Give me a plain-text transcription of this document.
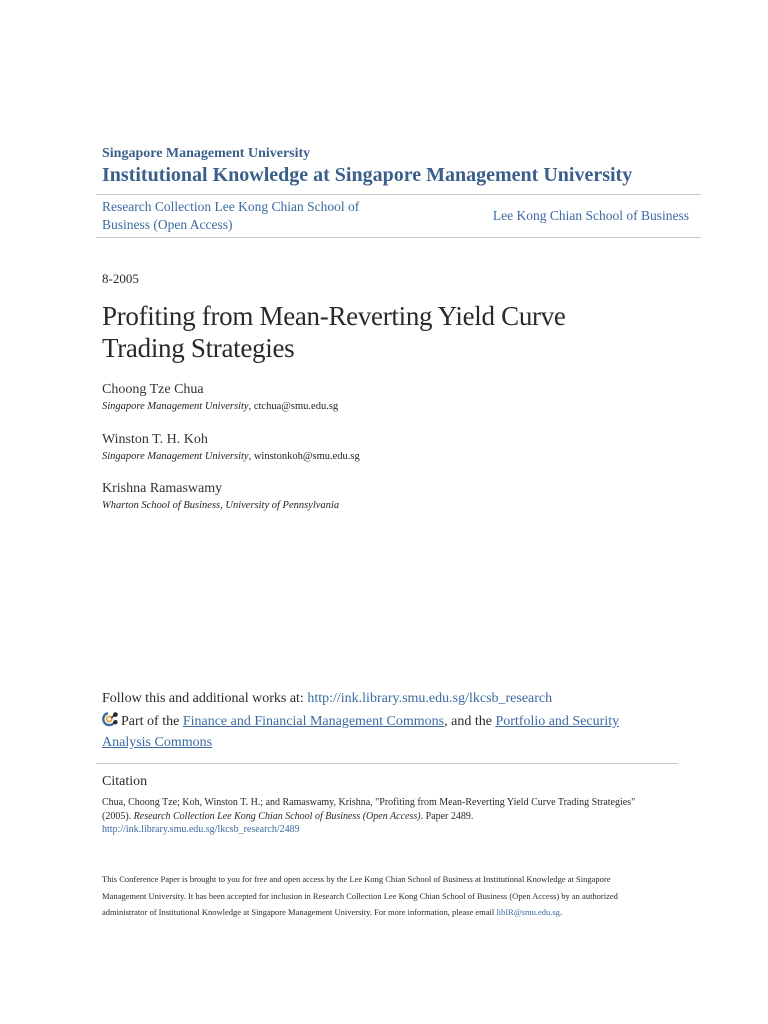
Singapore Management University
Institutional Knowledge at Singapore Management University
Research Collection Lee Kong Chian School of
Business (Open Access)
Lee Kong Chian School of Business
8-2005
Profiting from Mean-Reverting Yield Curve
Trading Strategies
Choong Tze Chua
Singapore Management University, ctchua@smu.edu.sg
Winston T. H. Koh
Singapore Management University, winstonkoh@smu.edu.sg
Krishna Ramaswamy
Wharton School of Business, University of Pennsylvania
Follow this and additional works at: http://ink.library.smu.edu.sg/lkcsb_research
Part of the Finance and Financial Management Commons, and the Portfolio and Security
Analysis Commons
Citation
Chua, Choong Tze; Koh, Winston T. H.; and Ramaswamy, Krishna, "Profiting from Mean-Reverting Yield Curve Trading Strategies"
(2005). Research Collection Lee Kong Chian School of Business (Open Access). Paper 2489.
http://ink.library.smu.edu.sg/lkcsb_research/2489
This Conference Paper is brought to you for free and open access by the Lee Kong Chian School of Business at Institutional Knowledge at Singapore
Management University. It has been accepted for inclusion in Research Collection Lee Kong Chian School of Business (Open Access) by an authorized
administrator of Institutional Knowledge at Singapore Management University. For more information, please email libIR@smu.edu.sg.
